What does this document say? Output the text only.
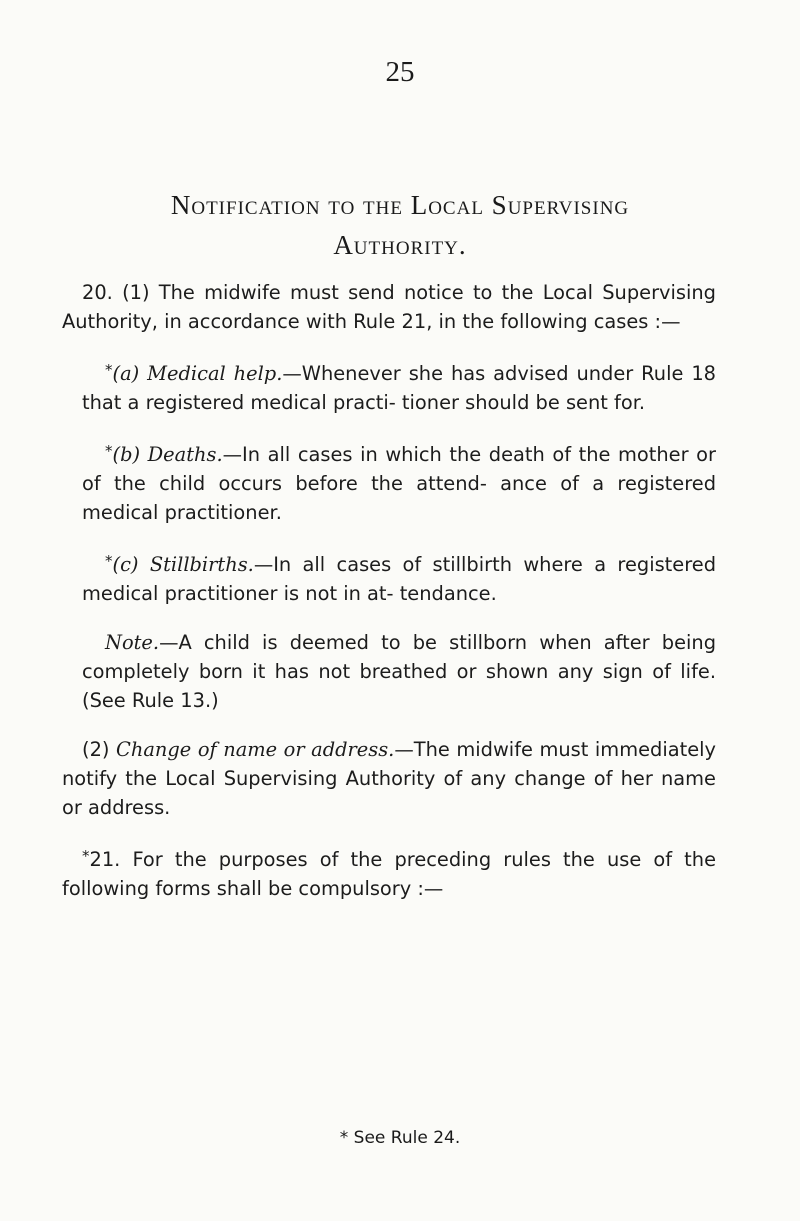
25
Notification to the Local Supervising
Authority.

20. (1) The midwife must send notice to the Local Supervising Authority, in accordance with Rule 21, in the following cases :—

*(a) Medical help.—Whenever she has advised under Rule 18 that a registered medical practi- tioner should be sent for.

*(b) Deaths.—In all cases in which the death of the mother or of the child occurs before the attend- ance of a registered medical practitioner.

*(c) Stillbirths.—In all cases of stillbirth where a registered medical practitioner is not in at- tendance.

Note.—A child is deemed to be stillborn when after being completely born it has not breathed or shown any sign of life. (See Rule 13.)

(2) Change of name or address.—The midwife must immediately notify the Local Supervising Authority of any change of her name or address.

*21. For the purposes of the preceding rules the use of the following forms shall be compulsory :—

* See Rule 24.
